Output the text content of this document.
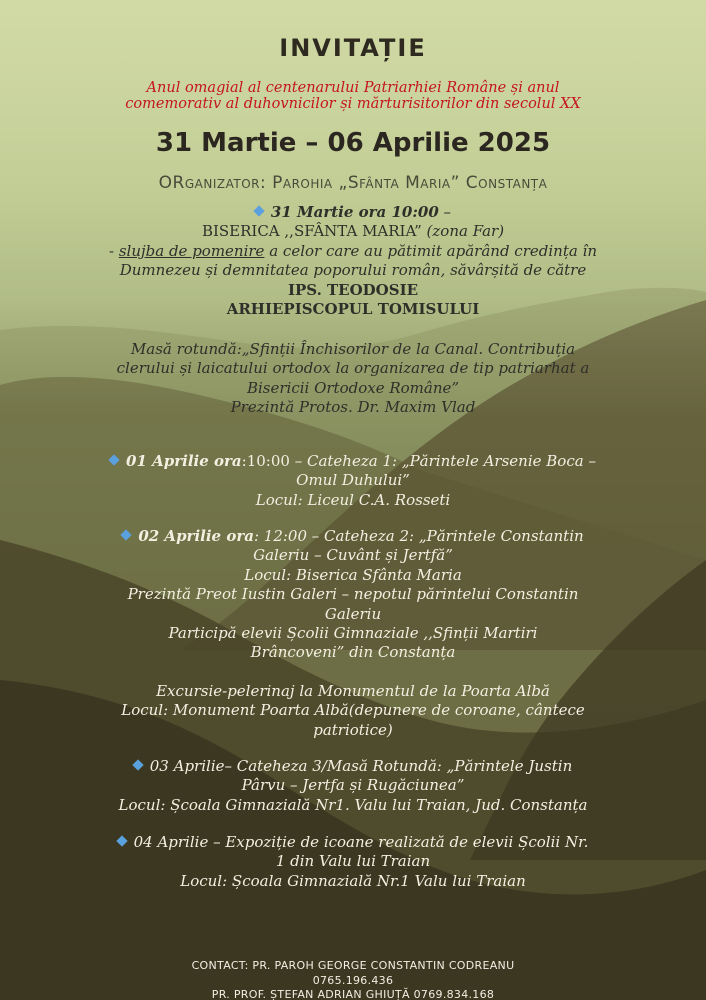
INVITAȚIE
Anul omagial al centenarului Patriarhiei Române și anul
comemorativ al duhovnicilor și mărturisitorilor din secolul XX
31 Martie – 06 Aprilie 2025
ORganizator: Parohia „Sfânta Maria” Constanța
31 Martie ora 10:00 –
BISERICA ,,SFÂNTA MARIA” (zona Far)
- slujba de pomenire a celor care au pătimit apărând credința în
Dumnezeu și demnitatea poporului român, săvârșită de către
IPS. TEODOSIE
ARHIEPISCOPUL TOMISULUI
Masă rotundă:„Sfinții Închisorilor de la Canal. Contribuția
clerului și laicatului ortodox la organizarea de tip patriarhat a
Bisericii Ortodoxe Române”
Prezintă Protos. Dr. Maxim Vlad
01 Aprilie ora:10:00 – Cateheza 1: „Părintele Arsenie Boca –
Omul Duhului”
Locul: Liceul C.A. Rosseti
02 Aprilie ora: 12:00 – Cateheza 2: „Părintele Constantin
Galeriu – Cuvânt și Jertfă”
Locul: Biserica Sfânta Maria
Prezintă Preot Iustin Galeri – nepotul părintelui Constantin
Galeriu
Participă elevii Școlii Gimnaziale ,,Sfinții Martiri
Brâncoveni” din Constanța
Excursie-pelerinaj la Monumentul de la Poarta Albă
Locul: Monument Poarta Albă(depunere de coroane, cântece
patriotice)
03 Aprilie– Cateheza 3/Masă Rotundă: „Părintele Justin
Pârvu – Jertfa și Rugăciunea”
Locul: Școala Gimnazială Nr1. Valu lui Traian, Jud. Constanța
04 Aprilie – Expoziție de icoane realizată de elevii Școlii Nr.
1 din Valu lui Traian
Locul: Școala Gimnazială Nr.1 Valu lui Traian
CONTACT: PR. PAROH GEORGE CONSTANTIN CODREANU
0765.196.436
PR. PROF. ȘTEFAN ADRIAN GHIUȚĂ 0769.834.168
